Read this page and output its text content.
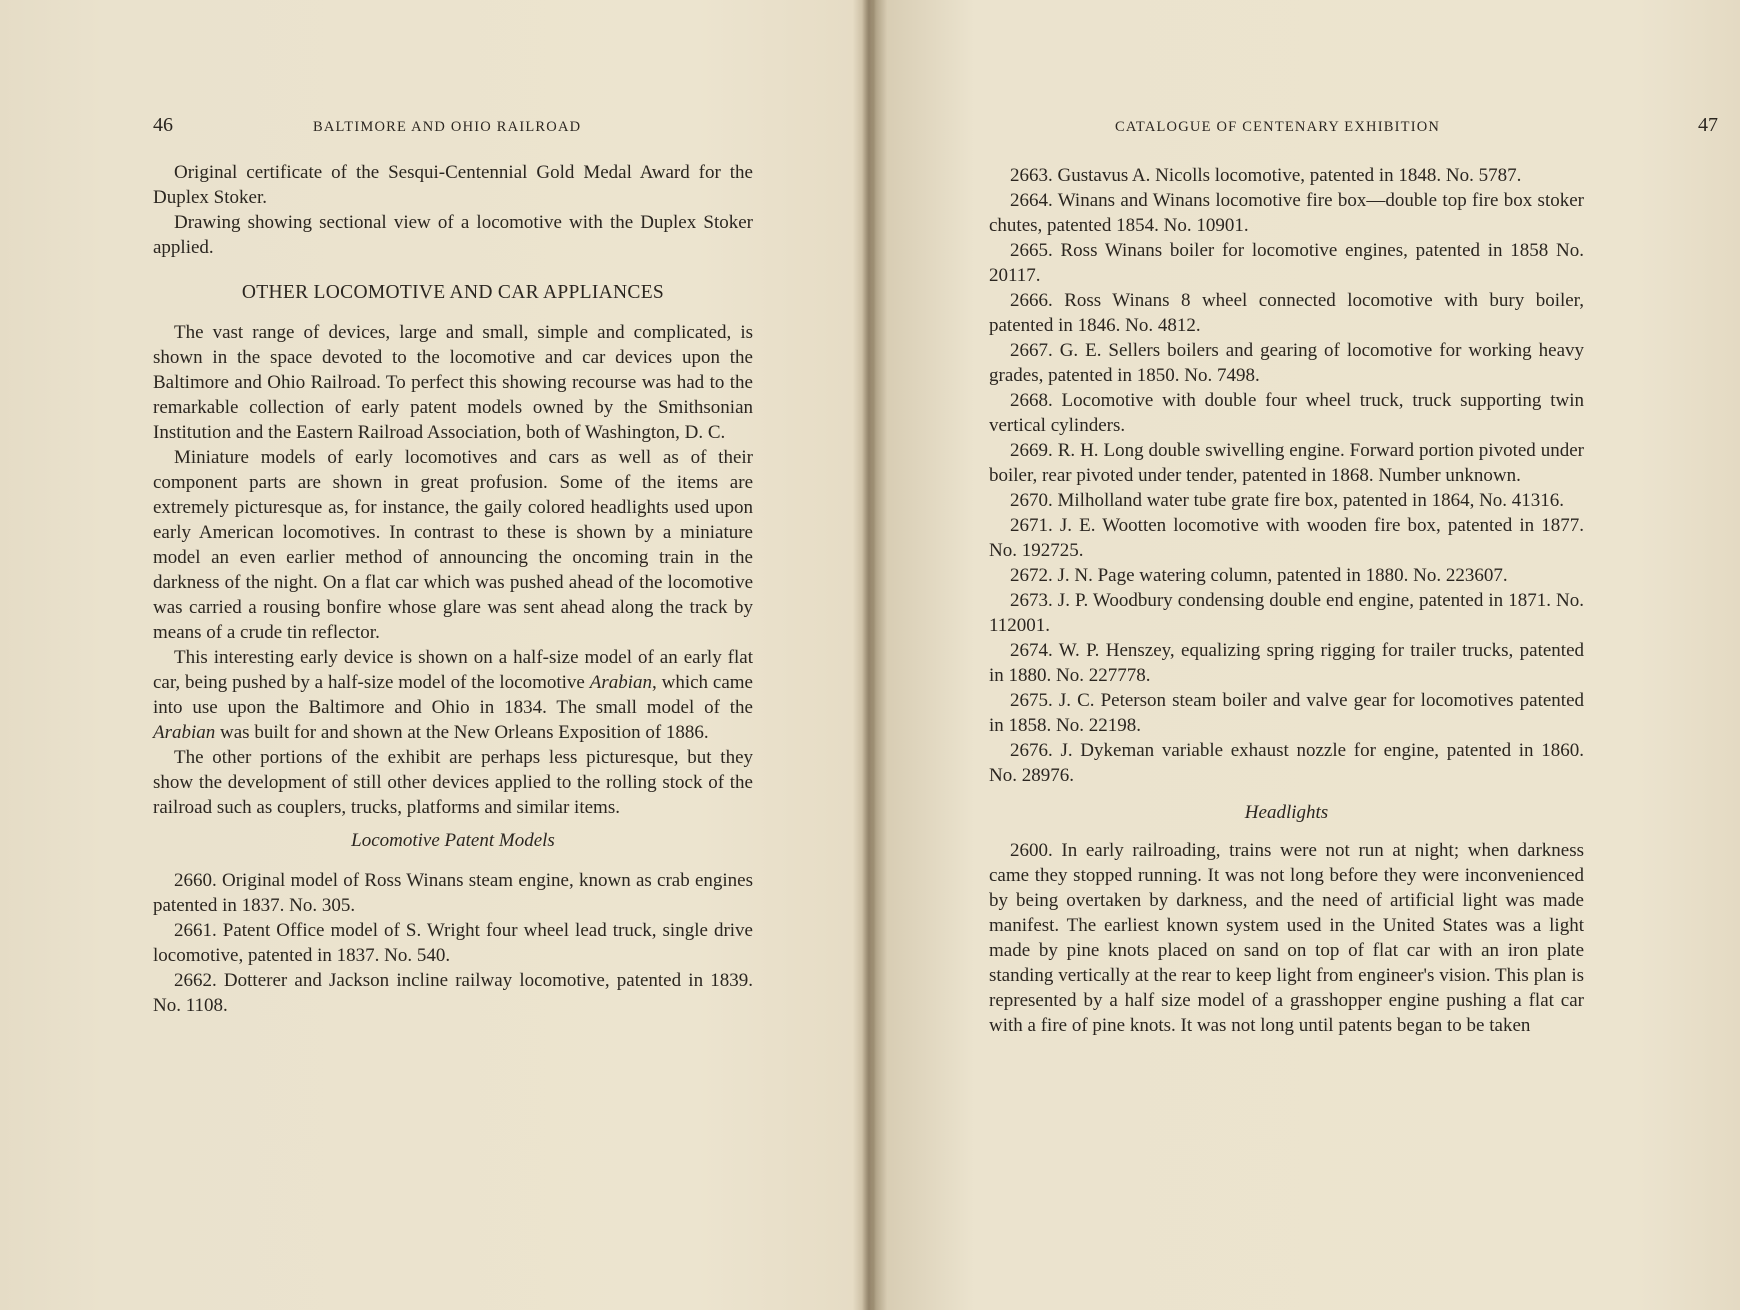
46	BALTIMORE AND OHIO RAILROAD

Original certificate of the Sesqui-Centennial Gold Medal Award for the Duplex Stoker.

Drawing showing sectional view of a locomotive with the Duplex Stoker applied.

OTHER LOCOMOTIVE AND CAR APPLIANCES

The vast range of devices, large and small, simple and complicated, is shown in the space devoted to the locomotive and car devices upon the Baltimore and Ohio Railroad. To perfect this showing recourse was had to the remarkable collection of early patent models owned by the Smithsonian Institution and the Eastern Railroad Association, both of Washington, D. C.

Miniature models of early locomotives and cars as well as of their component parts are shown in great profusion. Some of the items are extremely picturesque as, for instance, the gaily colored headlights used upon early American locomotives. In contrast to these is shown by a miniature model an even earlier method of announcing the oncoming train in the darkness of the night. On a flat car which was pushed ahead of the locomotive was carried a rousing bonfire whose glare was sent ahead along the track by means of a crude tin reflector.

This interesting early device is shown on a half-size model of an early flat car, being pushed by a half-size model of the locomotive Arabian, which came into use upon the Baltimore and Ohio in 1834. The small model of the Arabian was built for and shown at the New Orleans Exposition of 1886.

The other portions of the exhibit are perhaps less picturesque, but they show the development of still other devices applied to the rolling stock of the railroad such as couplers, trucks, platforms and similar items.

Locomotive Patent Models

2660. Original model of Ross Winans steam engine, known as crab engines patented in 1837. No. 305.

2661. Patent Office model of S. Wright four wheel lead truck, single drive locomotive, patented in 1837. No. 540.

2662. Dotterer and Jackson incline railway locomotive, patented in 1839. No. 1108.

CATALOGUE OF CENTENARY EXHIBITION	47

2663. Gustavus A. Nicolls locomotive, patented in 1848. No. 5787.

2664. Winans and Winans locomotive fire box—double top fire box stoker chutes, patented 1854. No. 10901.

2665. Ross Winans boiler for locomotive engines, patented in 1858 No. 20117.

2666. Ross Winans 8 wheel connected locomotive with bury boiler, patented in 1846. No. 4812.

2667. G. E. Sellers boilers and gearing of locomotive for working heavy grades, patented in 1850. No. 7498.

2668. Locomotive with double four wheel truck, truck supporting twin vertical cylinders.

2669. R. H. Long double swivelling engine. Forward portion pivoted under boiler, rear pivoted under tender, patented in 1868. Number unknown.

2670. Milholland water tube grate fire box, patented in 1864, No. 41316.

2671. J. E. Wootten locomotive with wooden fire box, patented in 1877. No. 192725.

2672. J. N. Page watering column, patented in 1880. No. 223607.

2673. J. P. Woodbury condensing double end engine, patented in 1871. No. 112001.

2674. W. P. Henszey, equalizing spring rigging for trailer trucks, patented in 1880. No. 227778.

2675. J. C. Peterson steam boiler and valve gear for locomotives patented in 1858. No. 22198.

2676. J. Dykeman variable exhaust nozzle for engine, patented in 1860. No. 28976.

Headlights

2600. In early railroading, trains were not run at night; when darkness came they stopped running. It was not long before they were inconvenienced by being overtaken by darkness, and the need of artificial light was made manifest. The earliest known system used in the United States was a light made by pine knots placed on sand on top of flat car with an iron plate standing vertically at the rear to keep light from engineer's vision. This plan is represented by a half size model of a grasshopper engine pushing a flat car with a fire of pine knots. It was not long until patents began to be taken
